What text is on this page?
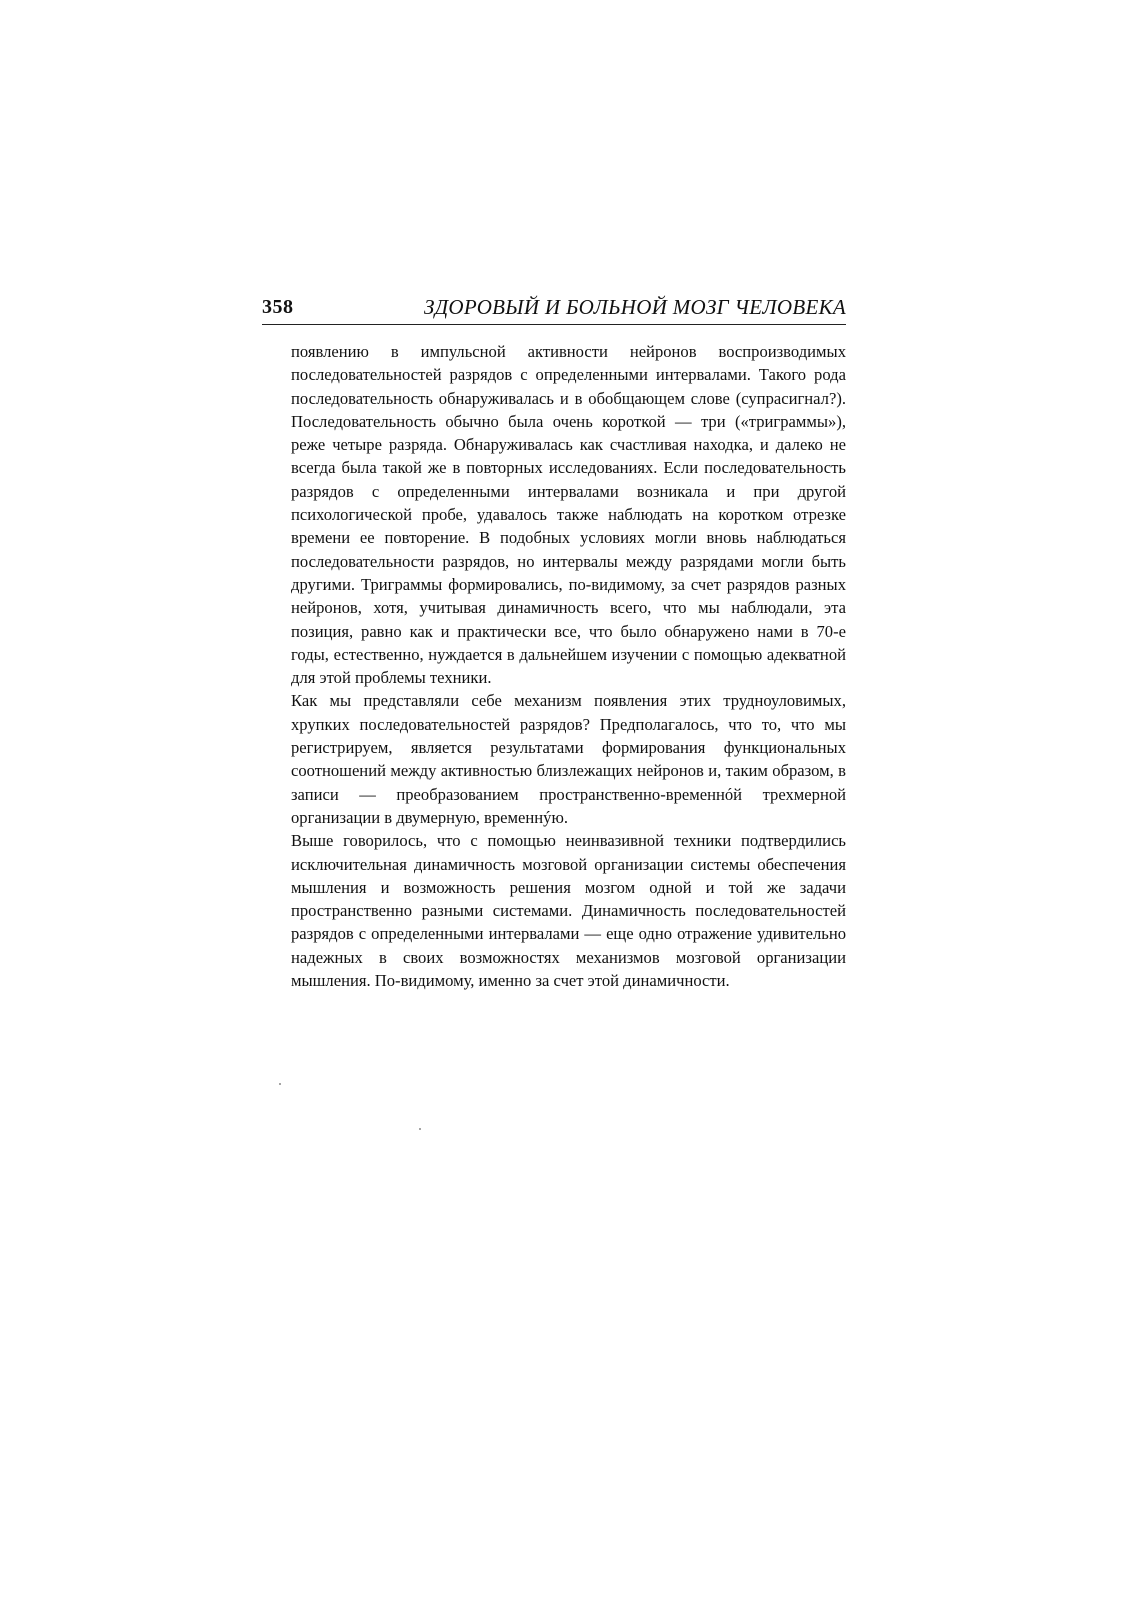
358	ЗДОРОВЫЙ И БОЛЬНОЙ МОЗГ ЧЕЛОВЕКА

появлению в импульсной активности нейронов воспроизводимых последовательностей разрядов с определенными интервалами. Такого рода последовательность обнаруживалась и в обобщающем слове (супрасигнал?). Последовательность обычно была очень короткой — три («триграммы»), реже четыре разряда. Обнаруживалась как счастливая находка, и далеко не всегда была такой же в повторных исследованиях. Если последовательность разрядов с определенными интервалами возникала и при другой психологической пробе, удавалось также наблюдать на коротком отрезке времени ее повторение. В подобных условиях могли вновь наблюдаться последовательности разрядов, но интервалы между разрядами могли быть другими. Триграммы формировались, по-видимому, за счет разрядов разных нейронов, хотя, учитывая динамичность всего, что мы наблюдали, эта позиция, равно как и практически все, что было обнаружено нами в 70-е годы, естественно, нуждается в дальнейшем изучении с помощью адекватной для этой проблемы техники.

Как мы представляли себе механизм появления этих трудноуловимых, хрупких последовательностей разрядов? Предполагалось, что то, что мы регистрируем, является результатами формирования функциональных соотношений между активностью близлежащих нейронов и, таким образом, в записи — преобразованием пространственно-временнóй трехмерной организации в двумерную, временнýю.

Выше говорилось, что с помощью неинвазивной техники подтвердились исключительная динамичность мозговой организации системы обеспечения мышления и возможность решения мозгом одной и той же задачи пространственно разными системами. Динамичность последовательностей разрядов с определенными интервалами — еще одно отражение удивительно надежных в своих возможностях механизмов мозговой организации мышления. По-видимому, именно за счет этой динамичности.
